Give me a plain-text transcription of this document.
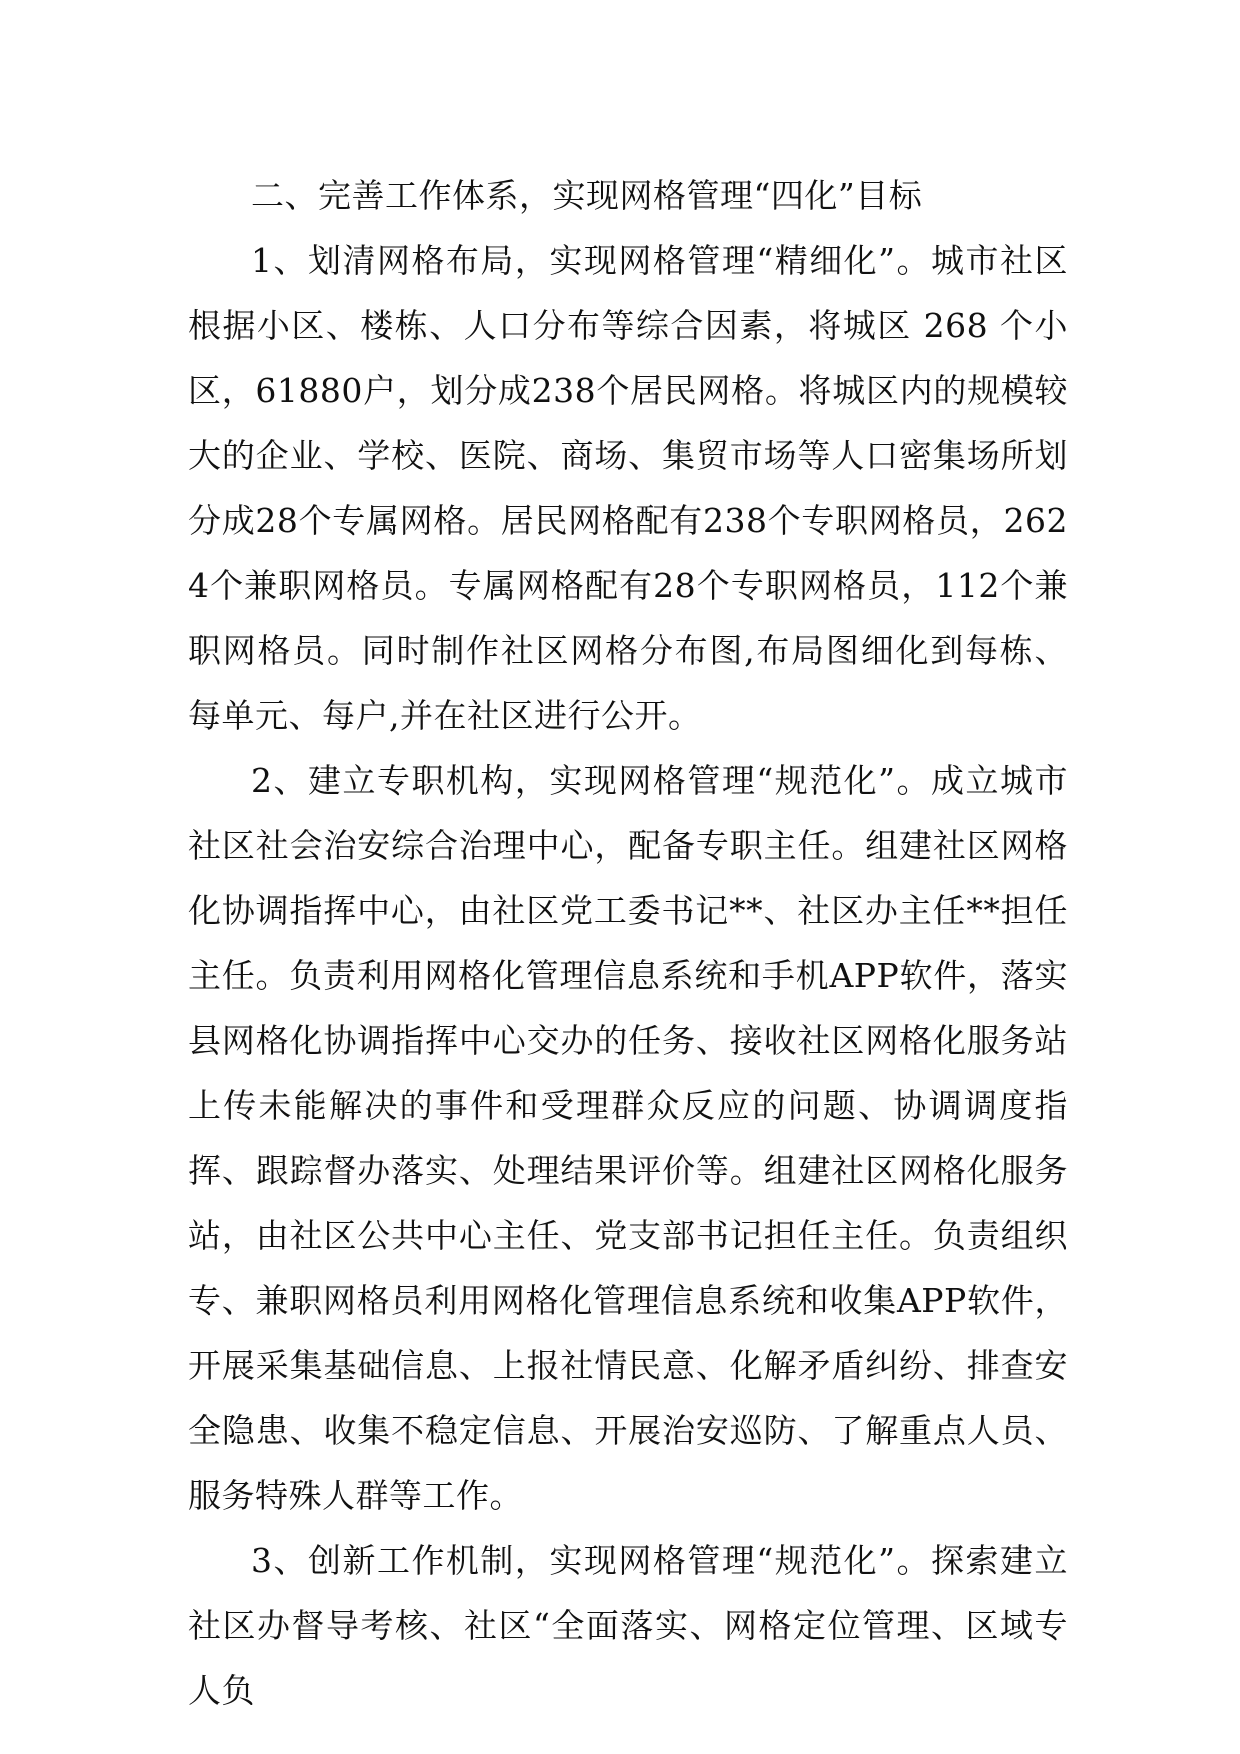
二、完善工作体系，实现网格管理“四化”目标

1、划清网格布局，实现网格管理“精细化”。城市社区根据小区、楼栋、人口分布等综合因素，将城区 268 个小区，61880户，划分成238个居民网格。将城区内的规模较大的企业、学校、医院、商场、集贸市场等人口密集场所划分成28个专属网格。居民网格配有238个专职网格员，2624个兼职网格员。专属网格配有28个专职网格员，112个兼职网格员。同时制作社区网格分布图,布局图细化到每栋、每单元、每户,并在社区进行公开。

2、建立专职机构，实现网格管理“规范化”。成立城市社区社会治安综合治理中心，配备专职主任。组建社区网格化协调指挥中心，由社区党工委书记**、社区办主任**担任主任。负责利用网格化管理信息系统和手机APP软件，落实县网格化协调指挥中心交办的任务、接收社区网格化服务站上传未能解决的事件和受理群众反应的问题、协调调度指挥、跟踪督办落实、处理结果评价等。组建社区网格化服务站，由社区公共中心主任、党支部书记担任主任。负责组织专、兼职网格员利用网格化管理信息系统和收集APP软件，开展采集基础信息、上报社情民意、化解矛盾纠纷、排查安全隐患、收集不稳定信息、开展治安巡防、了解重点人员、服务特殊人群等工作。

3、创新工作机制，实现网格管理“规范化”。探索建立社区办督导考核、社区“全面落实、网格定位管理、区域专人负
